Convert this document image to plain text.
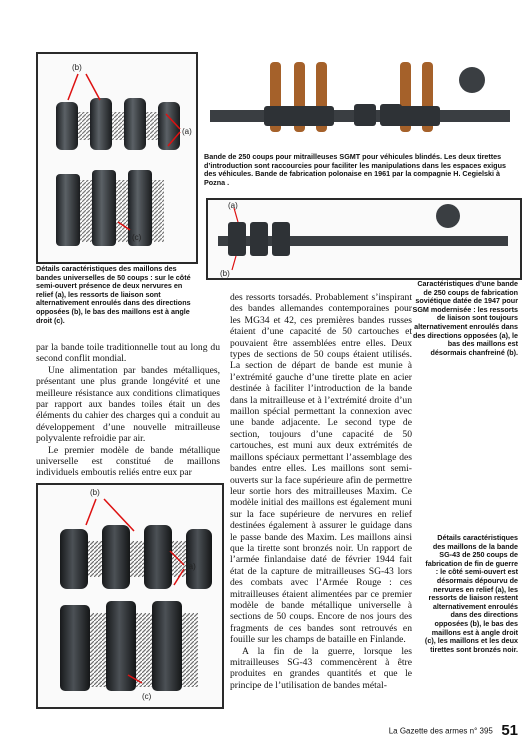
(b)
(a)
(c)
Bande de 250 coups pour mitrailleuses SGMT pour véhicules blindés. Les deux tirettes d’introduction sont raccourcies pour faciliter les manipulations dans les espaces exigus des véhicules. Bande de fabrication polonaise en 1961 par la compagnie H. Cegielski à Pozna .
(a)
(b)
Détails caractéristiques des maillons des bandes universelles de 50 coups : sur le côté semi-ouvert présence de deux nervures en relief (a), les ressorts de liaison sont alternativement enroulés dans des directions opposées (b), le bas des maillons est à angle droit (c).
Caractéristiques d’une bande de 250 coups de fabrication soviétique datée de 1947 pour SGM modernisée : les ressorts de liaison sont toujours alternativement enroulés dans des directions opposées (a), le bas des maillons est désormais chanfreiné (b).

par la bande toile traditionnelle tout au long du second conflit mondial.

Une alimentation par bandes métalliques, présentant une plus grande longévité et une meilleure résistance aux conditions climatiques par rapport aux bandes toiles était un des éléments du cahier des charges qui a conduit au développement d’une nouvelle mitrailleuse polyvalente refroidie par air.

Le premier modèle de bande métallique universelle est constitué de maillons individuels emboutis reliés entre eux par

des ressorts torsadés. Probablement s’inspirant des bandes allemandes contemporaines pour les MG34 et 42, ces premières bandes russes étaient d’une capacité de 50 cartouches et pouvaient être assemblées entre elles. Deux types de sections de 50 coups étaient utilisés. La section de départ de bande est munie à l’extrémité gauche d’une tirette plate en acier destinée à faciliter l’introduction de la bande dans la mitrailleuse et à l’extrémité droite d’un maillon spécial permettant la connexion avec une bande adjacente. Le second type de section, toujours d’une capacité de 50 cartouches, est muni aux deux extrémités de maillons spéciaux permettant l’assemblage des bandes entre elles. Les maillons sont semi-ouverts sur la face supérieure afin de permettre leur sortie hors des mitrailleuses Maxim. Ce modèle initial des maillons est également muni sur la face supérieure de nervures en relief destinées également à assurer le guidage dans le passe bande des Maxim. Les maillons ainsi que la tirette sont bronzés noir. Un rapport de l’armée finlandaise daté de février 1944 fait état de la capture de mitrailleuses SG-43 lors des combats avec l’Armée Rouge : ces mitrailleuses étaient alimentées par ce premier modèle de bande métallique universelle à sections de 50 coups. Encore de nos jours des fragments de ces bandes sont retrouvés en fouille sur les champs de bataille en Finlande.

A la fin de la guerre, lorsque les mitrailleuses SG-43 commencèrent à être produites en grandes quantités et que le principe de l’utilisation de bandes métal-

(b)
(a)
(c)
Détails caractéristiques des maillons de la bande SG-43 de 250 coups de fabrication de fin de guerre : le côté semi-ouvert est désormais dépourvu de nervures en relief (a), les ressorts de liaison restent alternativement enroulés dans des directions opposées (b), le bas des maillons est à angle droit (c), les maillons et les deux tirettes sont bronzés noir.
La Gazette des armes n° 395 51
